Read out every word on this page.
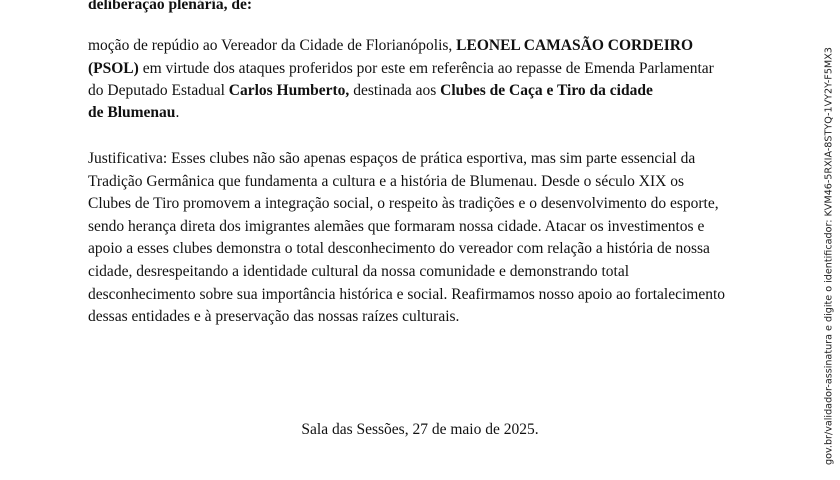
deliberação plenária, de:
moção de repúdio ao Vereador da Cidade de Florianópolis, LEONEL CAMASÃO CORDEIRO
(PSOL) em virtude dos ataques proferidos por este em referência ao repasse de Emenda Parlamentar
do Deputado Estadual Carlos Humberto, destinada aos Clubes de Caça e Tiro da cidade
de Blumenau.
Justificativa: Esses clubes não são apenas espaços de prática esportiva, mas sim parte essencial da
Tradição Germânica que fundamenta a cultura e a história de Blumenau. Desde o século XIX os
Clubes de Tiro promovem a integração social, o respeito às tradições e o desenvolvimento do esporte,
sendo herança direta dos imigrantes alemães que formaram nossa cidade. Atacar os investimentos e
apoio a esses clubes demonstra o total desconhecimento do vereador com relação a história de nossa
cidade, desrespeitando a identidade cultural da nossa comunidade e demonstrando total
desconhecimento sobre sua importância histórica e social. Reafirmamos nosso apoio ao fortalecimento
dessas entidades e à preservação das nossas raízes culturais.
Sala das Sessões, 27 de maio de 2025.	gov.br/validador-assinatura e digite o identificador: KVM46-5RXIA-8STYQ-1VY2Y-F5MX3
